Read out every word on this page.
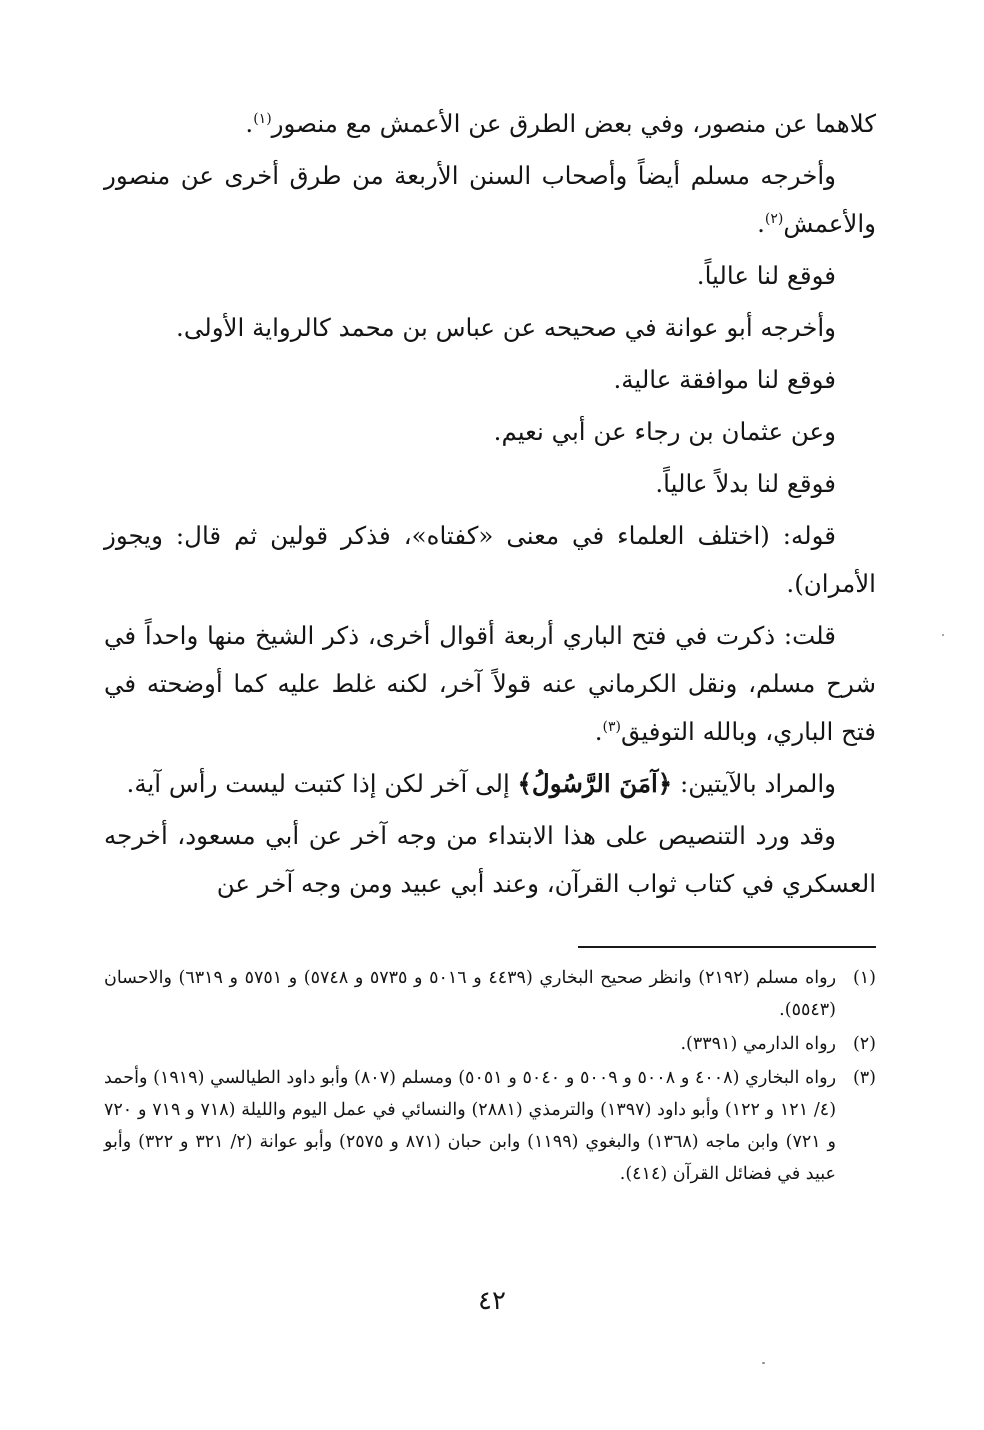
كلاهما عن منصور، وفي بعض الطرق عن الأعمش مع منصور$^{(١)}$.

وأخرجه مسلم أيضاً وأصحاب السنن الأربعة من طرق أخرى عن منصور والأعمش$^{(٢)}$.

فوقع لنا عالياً.

وأخرجه أبو عوانة في صحيحه عن عباس بن محمد كالرواية الأولى.

فوقع لنا موافقة عالية.

وعن عثمان بن رجاء عن أبي نعيم.

فوقع لنا بدلاً عالياً.

قوله: (اختلف العلماء في معنى «كفتاه»، فذكر قولين ثم قال: ويجوز الأمران).

قلت: ذكرت في فتح الباري أربعة أقوال أخرى، ذكر الشيخ منها واحداً في شرح مسلم، ونقل الكرماني عنه قولاً آخر، لكنه غلط عليه كما أوضحته في فتح الباري، وبالله التوفيق$^{(٣)}$.

والمراد بالآيتين: ﴿آمَنَ الرَّسُولُ﴾ إلى آخر لكن إذا كتبت ليست رأس آية.

وقد ورد التنصيص على هذا الابتداء من وجه آخر عن أبي مسعود، أخرجه العسكري في كتاب ثواب القرآن، وعند أبي عبيد ومن وجه آخر عن

(١)
رواه مسلم (٢١٩٢) وانظر صحيح البخاري (٤٤٣٩ و ٥٠١٦ و ٥٧٣٥ و ٥٧٤٨) و ٥٧٥١ و ٦٣١٩) والاحسان (٥٥٤٣).
(٢)
رواه الدارمي (٣٣٩١).
(٣)
رواه البخاري (٤٠٠٨ و ٥٠٠٨ و ٥٠٠٩ و ٥٠٤٠ و ٥٠٥١) ومسلم (٨٠٧) وأبو داود الطيالسي (١٩١٩) وأحمد (٤/ ١٢١ و ١٢٢) وأبو داود (١٣٩٧) والترمذي (٢٨٨١) والنسائي في عمل اليوم والليلة (٧١٨ و ٧١٩ و ٧٢٠ و ٧٢١) وابن ماجه (١٣٦٨) والبغوي (١١٩٩) وابن حبان (٨٧١ و ٢٥٧٥) وأبو عوانة (٢/ ٣٢١ و ٣٢٢) وأبو عبيد في فضائل القرآن (٤١٤).
٤٢
